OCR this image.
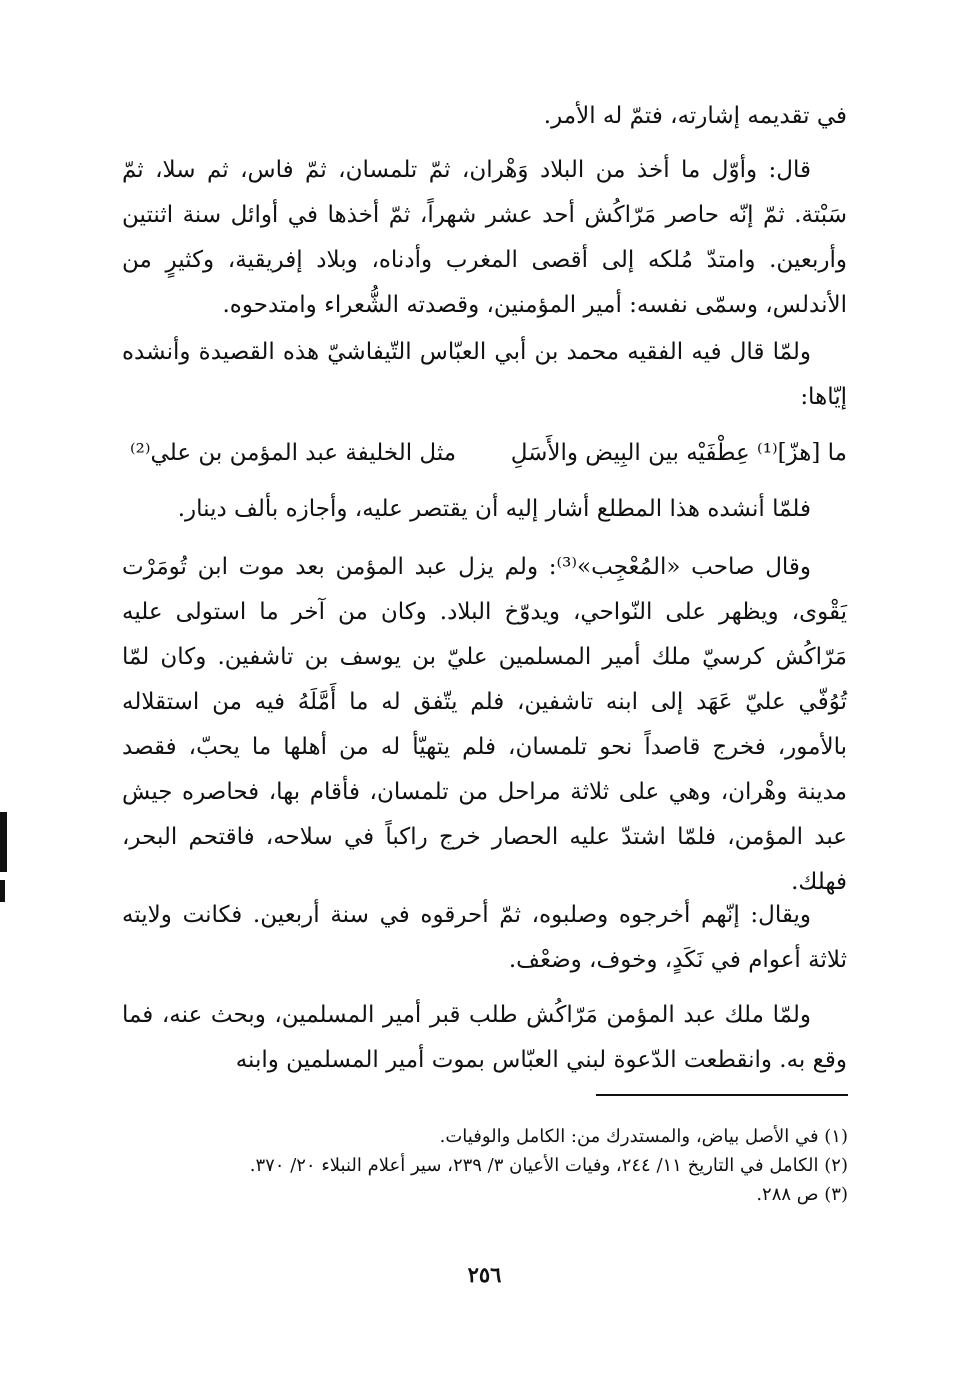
في تقديمه إشارته، فتمّ له الأمر.
قال: وأوّل ما أخذ من البلاد وَهْران، ثمّ تلمسان، ثمّ فاس، ثم سلا، ثمّ سَبْتة. ثمّ إنّه حاصر مَرّاكُش أحد عشر شهراً، ثمّ أخذها في أوائل سنة اثنتين وأربعين. وامتدّ مُلكه إلى أقصى المغرب وأدناه، وبلاد إفريقية، وكثيرٍ من الأندلس، وسمّى نفسه: أمير المؤمنين، وقصدته الشُّعراء وامتدحوه.
ولمّا قال فيه الفقيه محمد بن أبي العبّاس التّيفاشيّ هذه القصيدة وأنشده إيّاها:
ما [هزّ]⁽¹⁾ عِطْفَيْه بين البِيض والأَسَلِ
مثل الخليفة عبد المؤمن بن علي⁽²⁾
فلمّا أنشده هذا المطلع أشار إليه أن يقتصر عليه، وأجازه بألف دينار.
وقال صاحب «المُعْجِب»⁽³⁾: ولم يزل عبد المؤمن بعد موت ابن تُومَرْت يَقْوى، ويظهر على النّواحي، ويدوّخ البلاد. وكان من آخر ما استولى عليه مَرّاكُش كرسيّ ملك أمير المسلمين عليّ بن يوسف بن تاشفين. وكان لمّا تُوُفّي عليّ عَهَد إلى ابنه تاشفين، فلم يتّفق له ما أَمَّلَهُ فيه من استقلاله بالأمور، فخرج قاصداً نحو تلمسان، فلم يتهيّأ له من أهلها ما يحبّ، فقصد مدينة وهْران، وهي على ثلاثة مراحل من تلمسان، فأقام بها، فحاصره جيش عبد المؤمن، فلمّا اشتدّ عليه الحصار خرج راكباً في سلاحه، فاقتحم البحر، فهلك.
ويقال: إنّهم أخرجوه وصلبوه، ثمّ أحرقوه في سنة أربعين. فكانت ولايته ثلاثة أعوام في نَكَدٍ، وخوف، وضعْف.
ولمّا ملك عبد المؤمن مَرّاكُش طلب قبر أمير المسلمين، وبحث عنه، فما وقع به. وانقطعت الدّعوة لبني العبّاس بموت أمير المسلمين وابنه
(١) في الأصل بياض، والمستدرك من: الكامل والوفيات.
(٢) الكامل في التاريخ ١١/ ٢٤٤، وفيات الأعيان ٣/ ٢٣٩، سير أعلام النبلاء ٢٠/ ٣٧٠.
(٣) ص ٢٨٨.
٢٥٦
